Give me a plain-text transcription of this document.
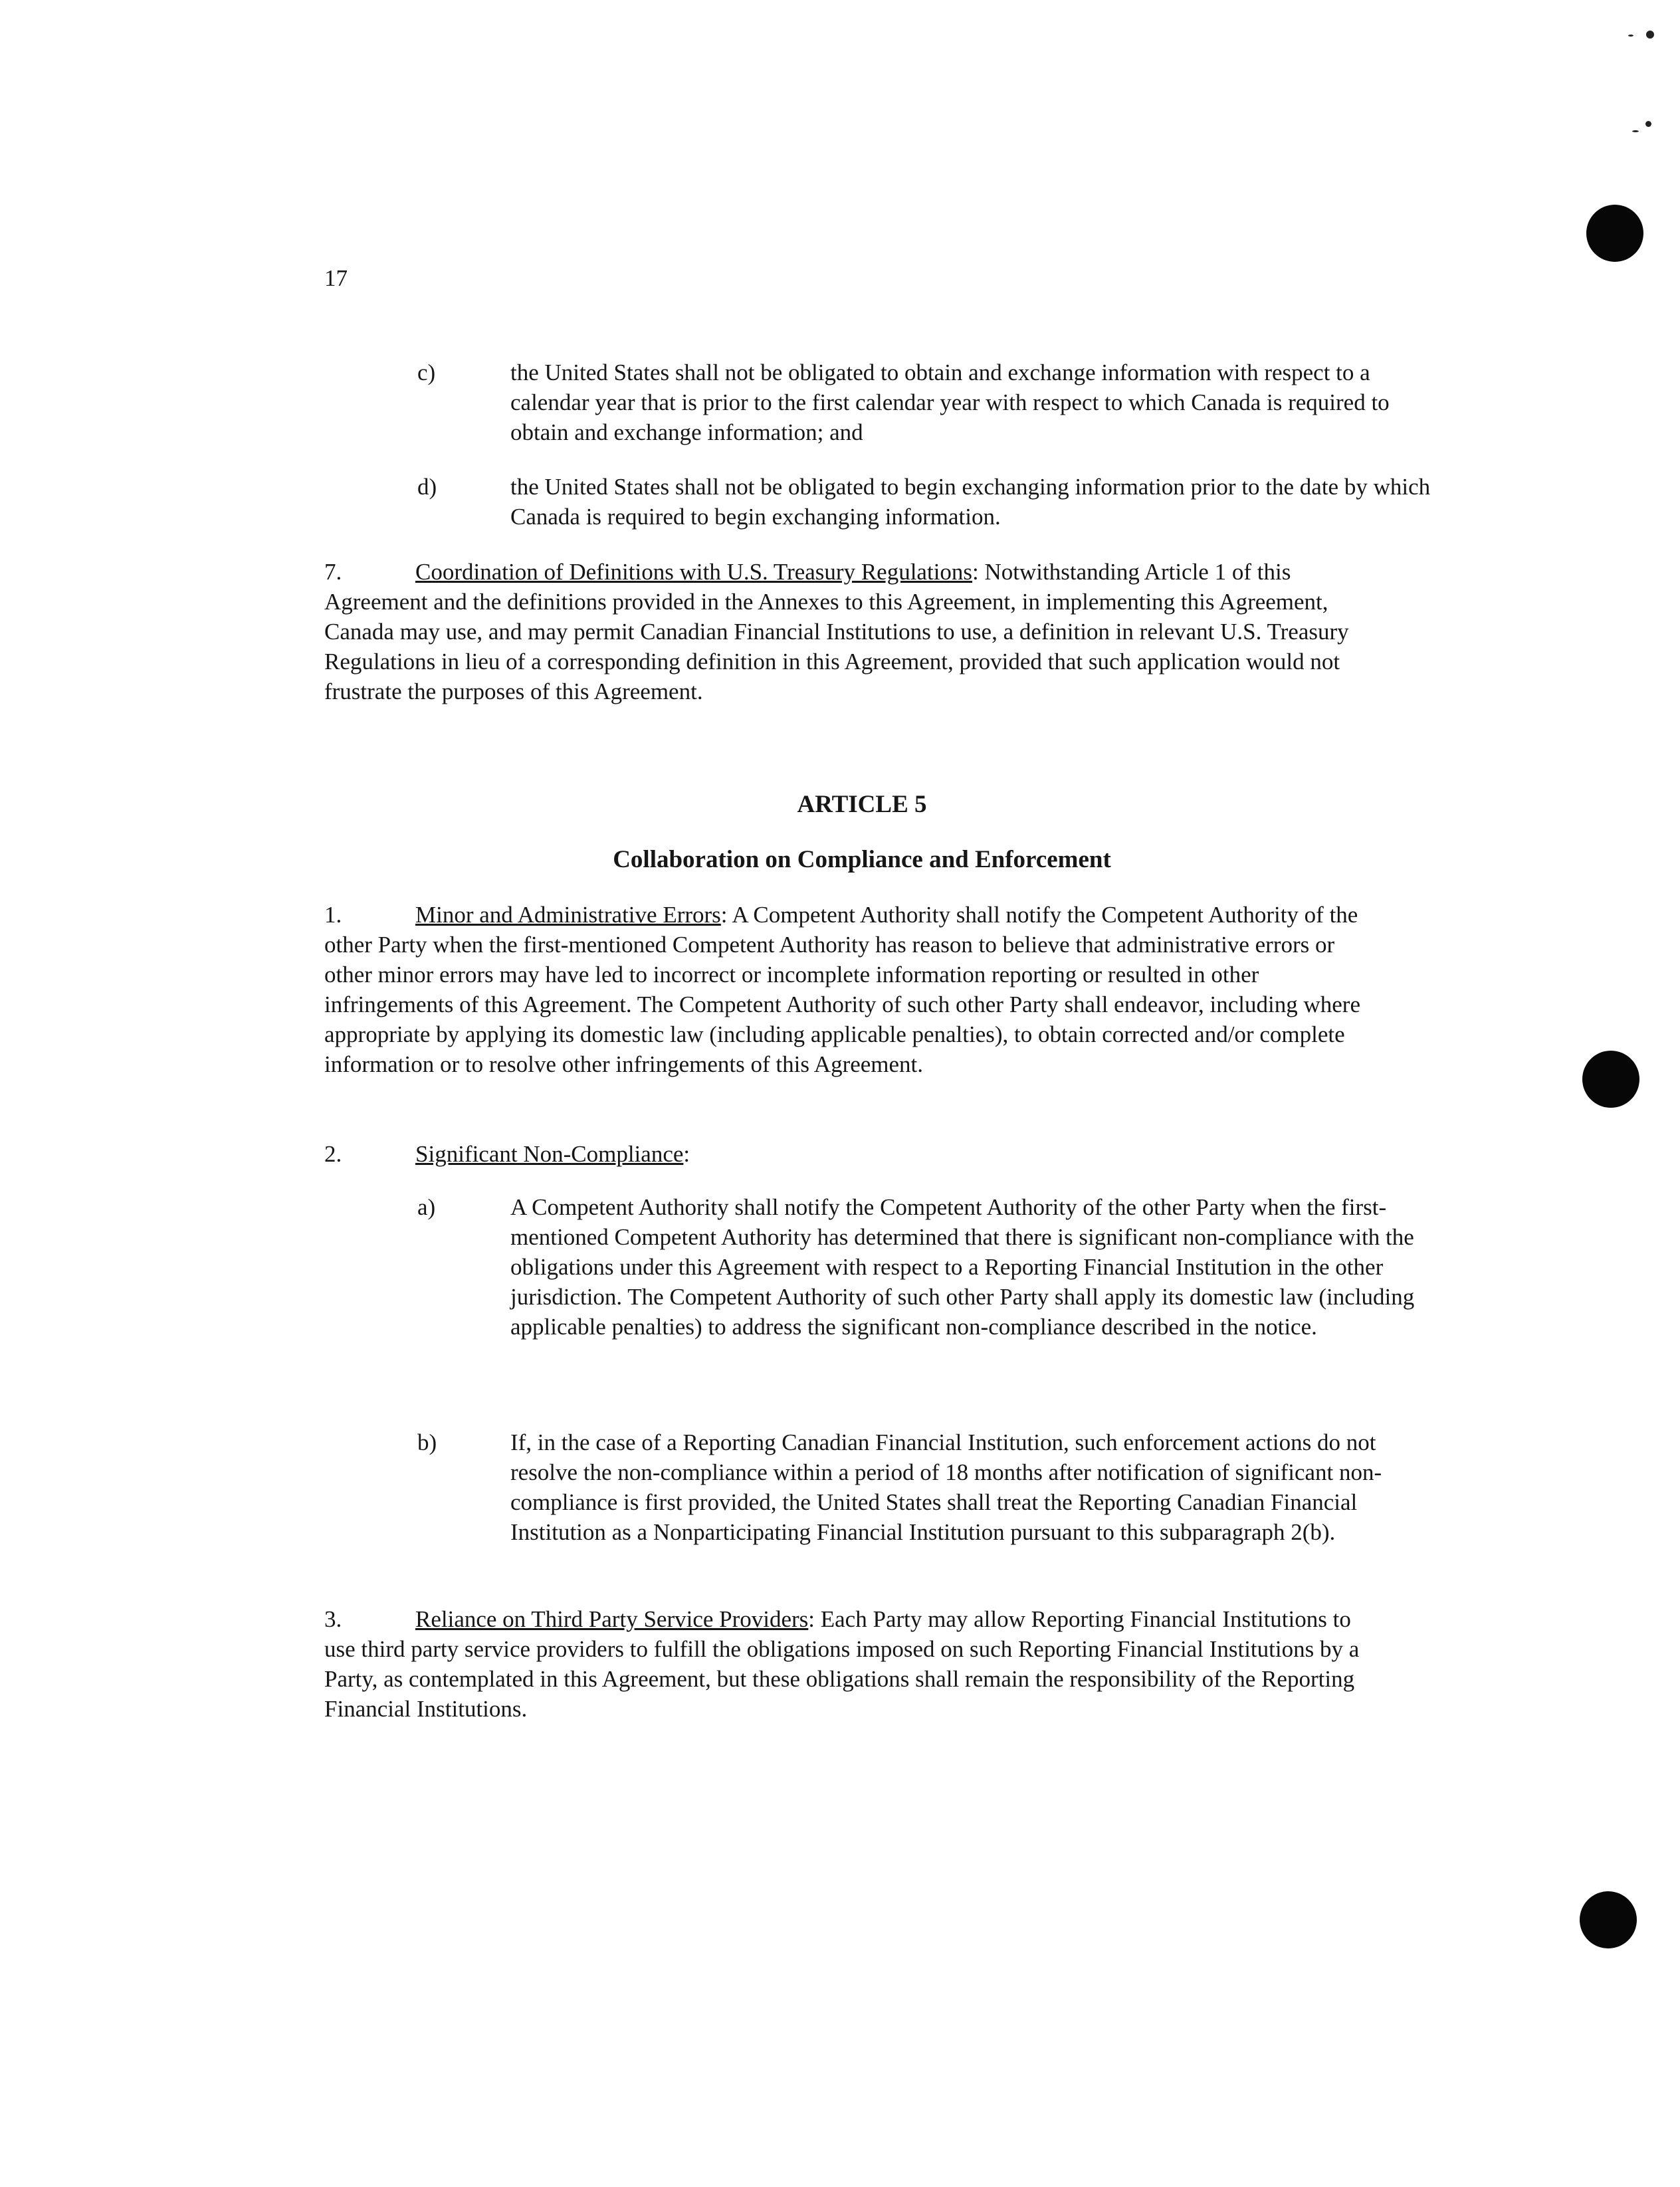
17
c)	the United States shall not be obligated to obtain and exchange information with respect to a calendar year that is prior to the first calendar year with respect to which Canada is required to obtain and exchange information; and
d)	the United States shall not be obligated to begin exchanging information prior to the date by which Canada is required to begin exchanging information.
7.	Coordination of Definitions with U.S. Treasury Regulations: Notwithstanding Article 1 of this Agreement and the definitions provided in the Annexes to this Agreement, in implementing this Agreement, Canada may use, and may permit Canadian Financial Institutions to use, a definition in relevant U.S. Treasury Regulations in lieu of a corresponding definition in this Agreement, provided that such application would not frustrate the purposes of this Agreement.
ARTICLE 5
Collaboration on Compliance and Enforcement
1.	Minor and Administrative Errors: A Competent Authority shall notify the Competent Authority of the other Party when the first-mentioned Competent Authority has reason to believe that administrative errors or other minor errors may have led to incorrect or incomplete information reporting or resulted in other infringements of this Agreement. The Competent Authority of such other Party shall endeavor, including where appropriate by applying its domestic law (including applicable penalties), to obtain corrected and/or complete information or to resolve other infringements of this Agreement.
2.	Significant Non-Compliance:
a)	A Competent Authority shall notify the Competent Authority of the other Party when the first-mentioned Competent Authority has determined that there is significant non-compliance with the obligations under this Agreement with respect to a Reporting Financial Institution in the other jurisdiction. The Competent Authority of such other Party shall apply its domestic law (including applicable penalties) to address the significant non-compliance described in the notice.
b)	If, in the case of a Reporting Canadian Financial Institution, such enforcement actions do not resolve the non-compliance within a period of 18 months after notification of significant non-compliance is first provided, the United States shall treat the Reporting Canadian Financial Institution as a Nonparticipating Financial Institution pursuant to this subparagraph 2(b).
3.	Reliance on Third Party Service Providers: Each Party may allow Reporting Financial Institutions to use third party service providers to fulfill the obligations imposed on such Reporting Financial Institutions by a Party, as contemplated in this Agreement, but these obligations shall remain the responsibility of the Reporting Financial Institutions.
